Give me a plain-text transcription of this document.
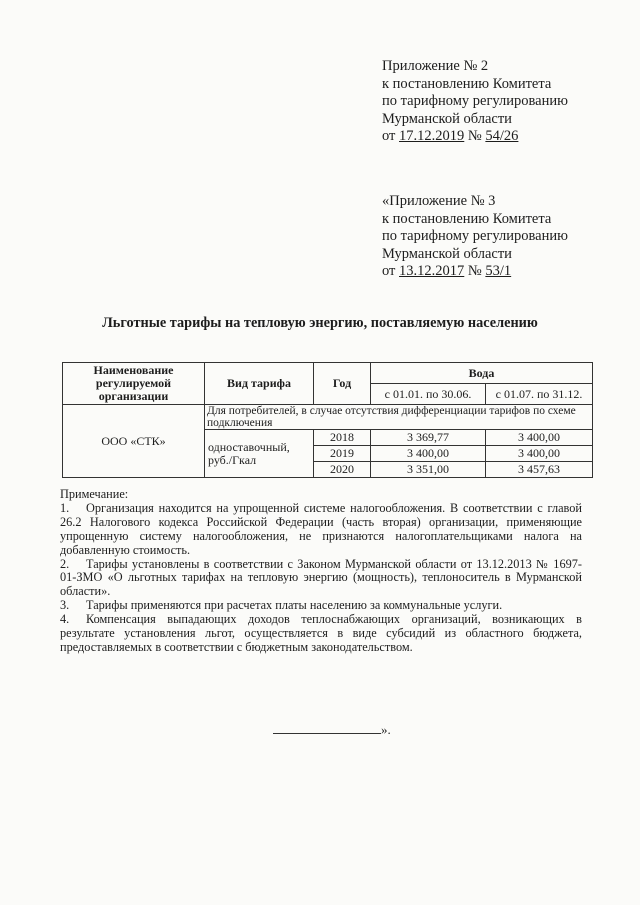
Приложение № 2
к постановлению Комитета
по тарифному регулированию
Мурманской области
от 17.12.2019 № 54/26
«Приложение № 3
к постановлению Комитета
по тарифному регулированию
Мурманской области
от 13.12.2017 № 53/1
Льготные тарифы на тепловую энергию, поставляемую населению
Наименование регулируемой организации	Вид тарифа	Год	Вода	
			с 01.01. по 30.06.	с 01.07. по 31.12.
ООО «СТК»	Для потребителей, в случае отсутствия дифференциации тарифов по схеме подключения			
	одноставочный, руб./Гкал	2018	3 369,77	3 400,00
		2019	3 400,00	3 400,00
		2020	3 351,00	3 457,63
Примечание:
1. Организация находится на упрощенной системе налогообложения. В соответствии с главой 26.2 Налогового кодекса Российской Федерации (часть вторая) организации, применяющие упрощенную систему налогообложения, не признаются налогоплательщиками налога на добавленную стоимость.
2. Тарифы установлены в соответствии с Законом Мурманской области от 13.12.2013 № 1697-01-ЗМО «О льготных тарифах на тепловую энергию (мощность), теплоноситель в Мурманской области».
3. Тарифы применяются при расчетах платы населению за коммунальные услуги.
4. Компенсация выпадающих доходов теплоснабжающих организаций, возникающих в результате установления льгот, осуществляется в виде субсидий из областного бюджета, предоставляемых в соответствии с бюджетным законодательством.
».
